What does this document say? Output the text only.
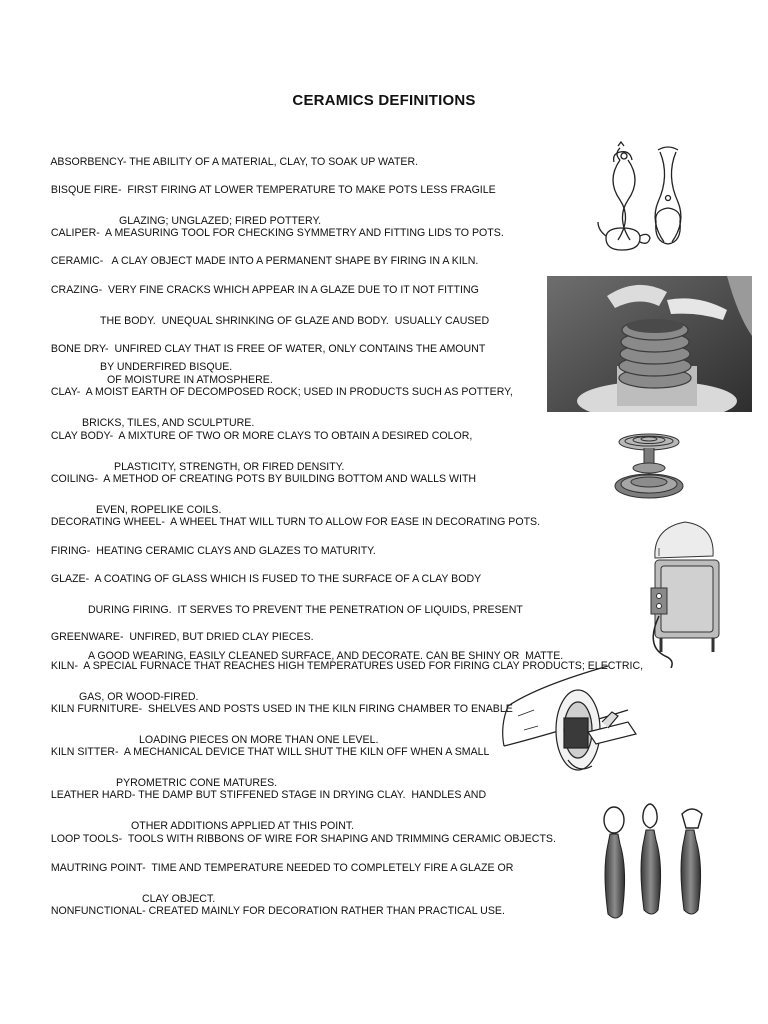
CERAMICS DEFINITIONS

ABSORBENCY- THE ABILITY OF A MATERIAL, CLAY, TO SOAK UP WATER.

BISQUE FIRE-  FIRST FIRING AT LOWER TEMPERATURE TO MAKE POTS LESS FRAGILE

GLAZING; UNGLAZED; FIRED POTTERY.

CALIPER-  A MEASURING TOOL FOR CHECKING SYMMETRY AND FITTING LIDS TO POTS.

CERAMIC-   A CLAY OBJECT MADE INTO A PERMANENT SHAPE BY FIRING IN A KILN.

CRAZING-  VERY FINE CRACKS WHICH APPEAR IN A GLAZE DUE TO IT NOT FITTING

THE BODY.  UNEQUAL SHRINKING OF GLAZE AND BODY.  USUALLY CAUSED

BY UNDERFIRED BISQUE.

BONE DRY-  UNFIRED CLAY THAT IS FREE OF WATER, ONLY CONTAINS THE AMOUNT

OF MOISTURE IN ATMOSPHERE.

CLAY-  A MOIST EARTH OF DECOMPOSED ROCK; USED IN PRODUCTS SUCH AS POTTERY,

BRICKS, TILES, AND SCULPTURE.

CLAY BODY-  A MIXTURE OF TWO OR MORE CLAYS TO OBTAIN A DESIRED COLOR,

PLASTICITY, STRENGTH, OR FIRED DENSITY.

COILING-  A METHOD OF CREATING POTS BY BUILDING BOTTOM AND WALLS WITH

EVEN, ROPELIKE COILS.

DECORATING WHEEL-  A WHEEL THAT WILL TURN TO ALLOW FOR EASE IN DECORATING POTS.

FIRING-  HEATING CERAMIC CLAYS AND GLAZES TO MATURITY.

GLAZE-  A COATING OF GLASS WHICH IS FUSED TO THE SURFACE OF A CLAY BODY

DURING FIRING.  IT SERVES TO PREVENT THE PENETRATION OF LIQUIDS, PRESENT

A GOOD WEARING, EASILY CLEANED SURFACE, AND DECORATE. CAN BE SHINY OR  MATTE.

GREENWARE-  UNFIRED, BUT DRIED CLAY PIECES.

KILN-  A SPECIAL FURNACE THAT REACHES HIGH TEMPERATURES USED FOR FIRING CLAY PRODUCTS; ELECTRIC,

GAS, OR WOOD-FIRED.

KILN FURNITURE-  SHELVES AND POSTS USED IN THE KILN FIRING CHAMBER TO ENABLE

LOADING PIECES ON MORE THAN ONE LEVEL.

KILN SITTER-  A MECHANICAL DEVICE THAT WILL SHUT THE KILN OFF WHEN A SMALL

PYROMETRIC CONE MATURES.

LEATHER HARD- THE DAMP BUT STIFFENED STAGE IN DRYING CLAY.  HANDLES AND

OTHER ADDITIONS APPLIED AT THIS POINT.

LOOP TOOLS-  TOOLS WITH RIBBONS OF WIRE FOR SHAPING AND TRIMMING CERAMIC OBJECTS.

MAUTRING POINT-  TIME AND TEMPERATURE NEEDED TO COMPLETELY FIRE A GLAZE OR

CLAY OBJECT.

NONFUNCTIONAL- CREATED MAINLY FOR DECORATION RATHER THAN PRACTICAL USE.
